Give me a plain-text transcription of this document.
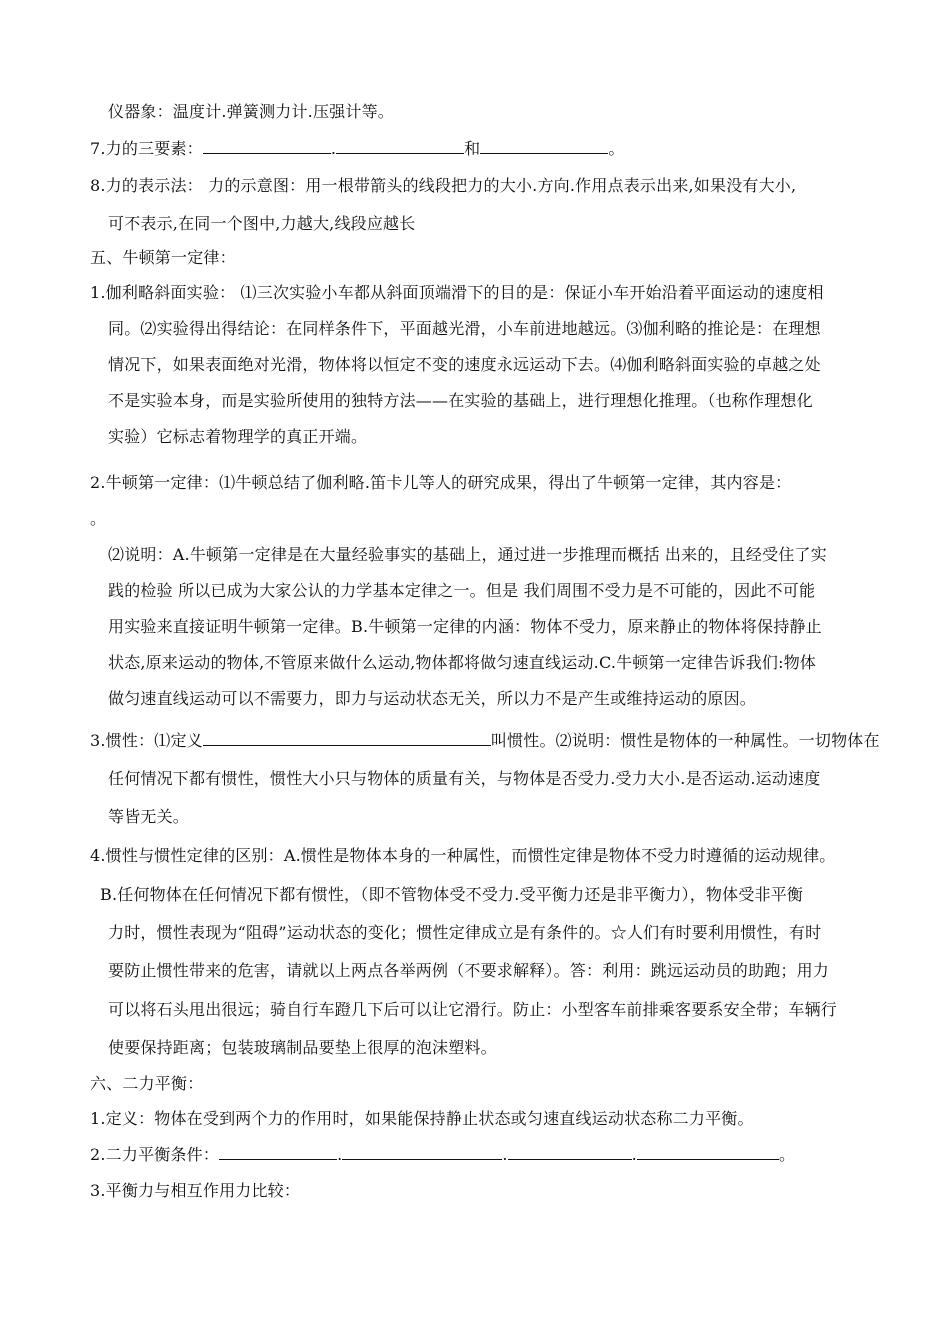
仪器象：温度计.弹簧测力计.压强计等。
7.力的三要素：	.	和	。
8.力的表示法： 力的示意图：用一根带箭头的线段把力的大小.方向.作用点表示出来,如果没有大小,
可不表示,在同一个图中,力越大,线段应越长
五、牛顿第一定律：
1.伽利略斜面实验： ⑴三次实验小车都从斜面顶端滑下的目的是：保证小车开始沿着平面运动的速度相
同。⑵实验得出得结论：在同样条件下，平面越光滑，小车前进地越远。⑶伽利略的推论是：在理想
情况下，如果表面绝对光滑，物体将以恒定不变的速度永远运动下去。⑷伽利略斜面实验的卓越之处
不是实验本身，而是实验所使用的独特方法——在实验的基础上，进行理想化推理。（也称作理想化
实验）它标志着物理学的真正开端。
2.牛顿第一定律：⑴牛顿总结了伽利略.笛卡儿等人的研究成果，得出了牛顿第一定律，其内容是：
。
⑵说明：A.牛顿第一定律是在大量经验事实的基础上，通过进一步推理而概括 出来的，且经受住了实
践的检验 所以已成为大家公认的力学基本定律之一。但是 我们周围不受力是不可能的，因此不可能
用实验来直接证明牛顿第一定律。B.牛顿第一定律的内涵：物体不受力，原来静止的物体将保持静止
状态,原来运动的物体,不管原来做什么运动,物体都将做匀速直线运动.C.牛顿第一定律告诉我们:物体
做匀速直线运动可以不需要力，即力与运动状态无关，所以力不是产生或维持运动的原因。
3.惯性：⑴定义	叫惯性。⑵说明：惯性是物体的一种属性。一切物体在
任何情况下都有惯性，惯性大小只与物体的质量有关，与物体是否受力.受力大小.是否运动.运动速度
等皆无关。
4.惯性与惯性定律的区别：A.惯性是物体本身的一种属性，而惯性定律是物体不受力时遵循的运动规律。
B.任何物体在任何情况下都有惯性，（即不管物体受不受力.受平衡力还是非平衡力），物体受非平衡
力时，惯性表现为“阻碍”运动状态的变化；惯性定律成立是有条件的。☆人们有时要利用惯性，有时
要防止惯性带来的危害，请就以上两点各举两例（不要求解释）。答：利用：跳远运动员的助跑；用力
可以将石头甩出很远；骑自行车蹬几下后可以让它滑行。防止：小型客车前排乘客要系安全带；车辆行
使要保持距离；包装玻璃制品要垫上很厚的泡沫塑料。
六、二力平衡：
1.定义：物体在受到两个力的作用时，如果能保持静止状态或匀速直线运动状态称二力平衡。
2.二力平衡条件：	.	.	.	。
3.平衡力与相互作用力比较：
